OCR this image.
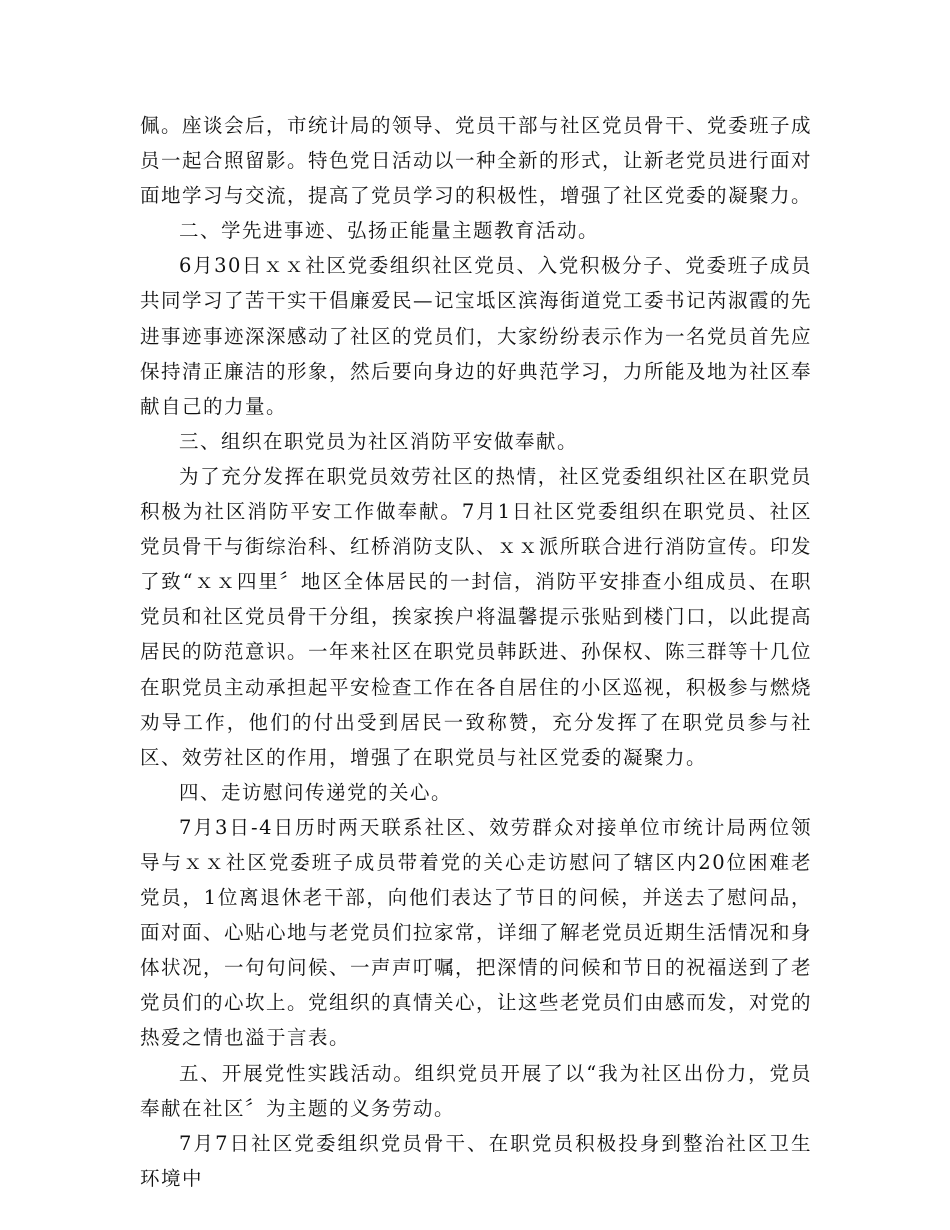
佩。座谈会后，市统计局的领导、党员干部与社区党员骨干、党委班子成员一起合照留影。特色党日活动以一种全新的形式，让新老党员进行面对面地学习与交流，提高了党员学习的积极性，增强了社区党委的凝聚力。

二、学先进事迹、弘扬正能量主题教育活动。

6月30日ｘｘ社区党委组织社区党员、入党积极分子、党委班子成员共同学习了苦干实干倡廉爱民—记宝坻区滨海街道党工委书记芮淑霞的先进事迹事迹深深感动了社区的党员们，大家纷纷表示作为一名党员首先应保持清正廉洁的形象，然后要向身边的好典范学习，力所能及地为社区奉献自己的力量。

三、组织在职党员为社区消防平安做奉献。

为了充分发挥在职党员效劳社区的热情，社区党委组织社区在职党员积极为社区消防平安工作做奉献。7月1日社区党委组织在职党员、社区党员骨干与街综治科、红桥消防支队、ｘｘ派所联合进行消防宣传。印发了致“ｘｘ四里〞地区全体居民的一封信，消防平安排查小组成员、在职党员和社区党员骨干分组，挨家挨户将温馨提示张贴到楼门口，以此提高居民的防范意识。一年来社区在职党员韩跃进、孙保权、陈三群等十几位在职党员主动承担起平安检查工作在各自居住的小区巡视，积极参与燃烧劝导工作，他们的付出受到居民一致称赞，充分发挥了在职党员参与社区、效劳社区的作用，增强了在职党员与社区党委的凝聚力。

四、走访慰问传递党的关心。

7月3日-4日历时两天联系社区、效劳群众对接单位市统计局两位领导与ｘｘ社区党委班子成员带着党的关心走访慰问了辖区内20位困难老党员，1位离退休老干部，向他们表达了节日的问候，并送去了慰问品，面对面、心贴心地与老党员们拉家常，详细了解老党员近期生活情况和身体状况，一句句问候、一声声叮嘱，把深情的问候和节日的祝福送到了老党员们的心坎上。党组织的真情关心，让这些老党员们由感而发，对党的热爱之情也溢于言表。

五、开展党性实践活动。组织党员开展了以“我为社区出份力，党员奉献在社区〞为主题的义务劳动。

7月7日社区党委组织党员骨干、在职党员积极投身到整治社区卫生环境中
